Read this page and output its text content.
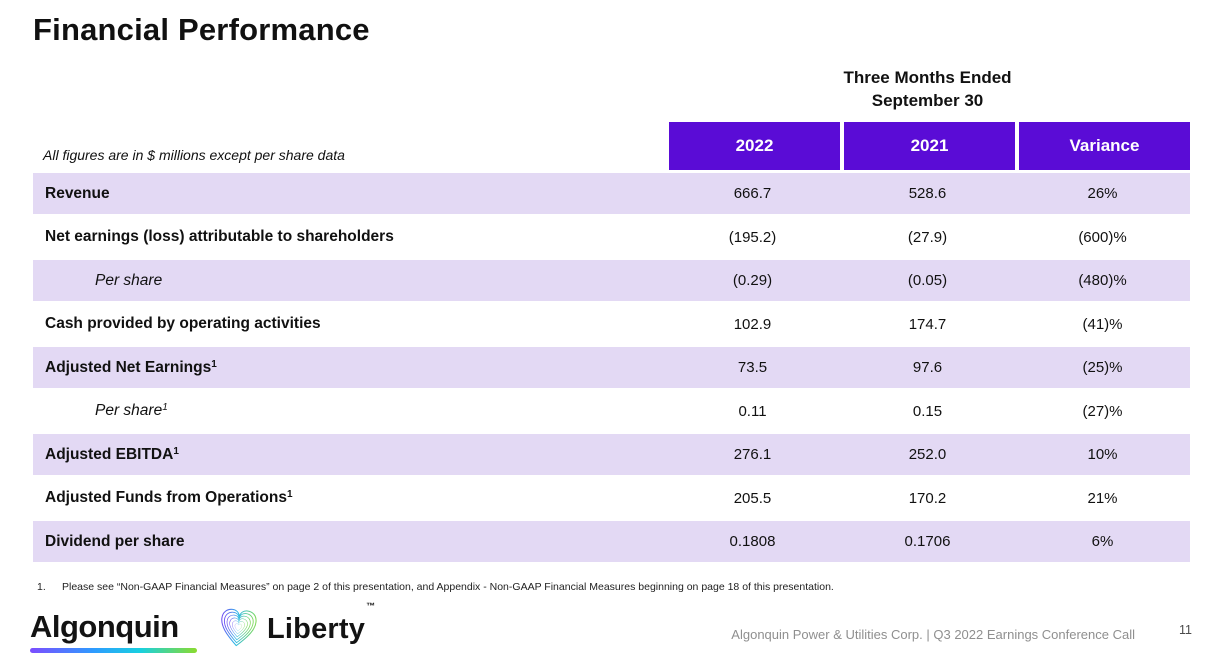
Financial Performance
Three Months Ended
September 30
All figures are in $ millions except per share data	2022	2021	Variance
Revenue	666.7	528.6	26%
Net earnings (loss) attributable to shareholders	(195.2)	(27.9)	(600)%
Per share	(0.29)	(0.05)	(480)%
Cash provided by operating activities	102.9	174.7	(41)%
Adjusted Net Earnings$^1$	73.5	97.6	(25)%
Per share$^1$	0.11	0.15	(27)%
Adjusted EBITDA$^1$	276.1	252.0	10%
Adjusted Funds from Operations$^1$	205.5	170.2	21%
Dividend per share	0.1808	0.1706	6%
1.	Please see “Non-GAAP Financial Measures” on page 2 of this presentation, and Appendix - Non-GAAP Financial Measures beginning on page 18 of this presentation.
Algonquin	Liberty™
Algonquin Power & Utilities Corp. | Q3 2022 Earnings Conference Call	11
